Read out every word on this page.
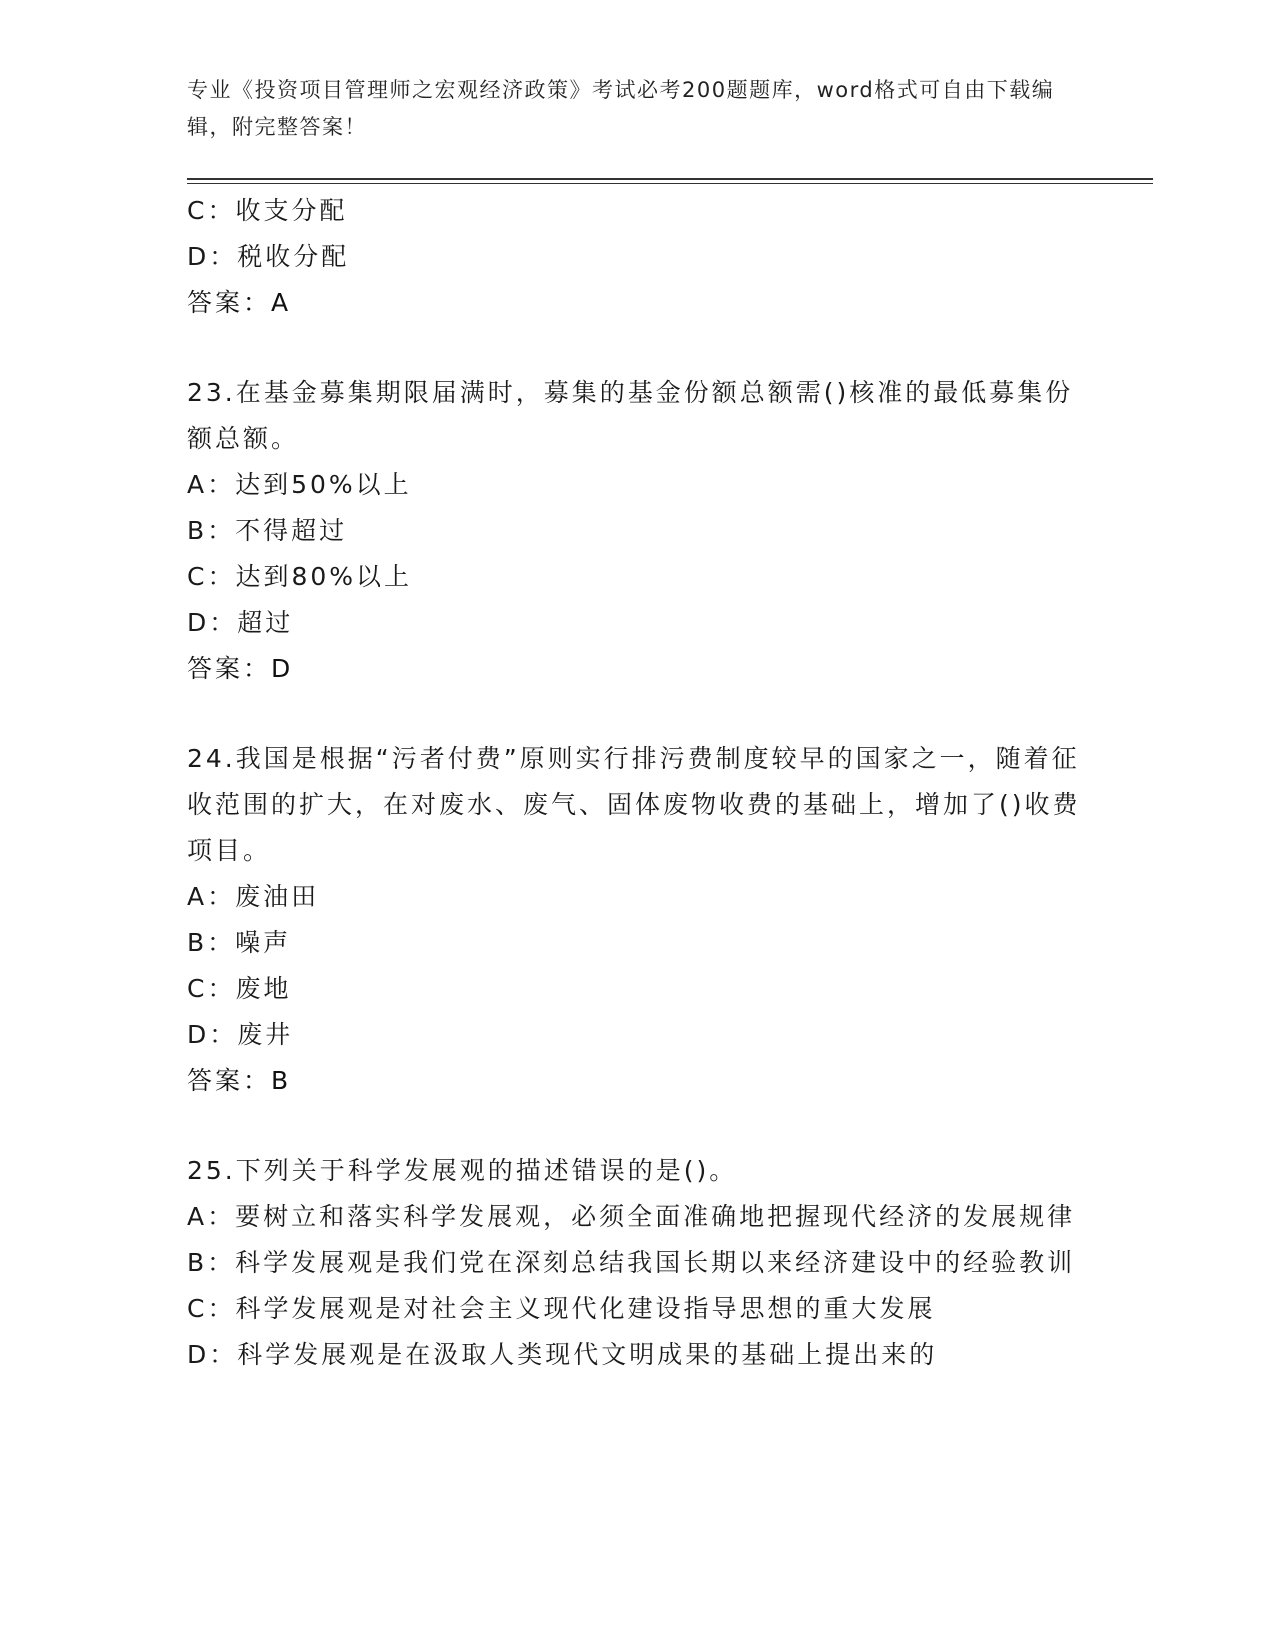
专业《投资项目管理师之宏观经济政策》考试必考200题题库，word格式可自由下载编辑，附完整答案！

C：收支分配

D：税收分配

答案：A

23.在基金募集期限届满时，募集的基金份额总额需()核准的最低募集份额总额。

A：达到50%以上

B：不得超过

C：达到80%以上

D：超过

答案：D

24.我国是根据“污者付费”原则实行排污费制度较早的国家之一，随着征收范围的扩大，在对废水、废气、固体废物收费的基础上，增加了()收费项目。

A：废油田

B：噪声

C：废地

D：废井

答案：B

25.下列关于科学发展观的描述错误的是()。

A：要树立和落实科学发展观，必须全面准确地把握现代经济的发展规律

B：科学发展观是我们党在深刻总结我国长期以来经济建设中的经验教训

C：科学发展观是对社会主义现代化建设指导思想的重大发展

D：科学发展观是在汲取人类现代文明成果的基础上提出来的
